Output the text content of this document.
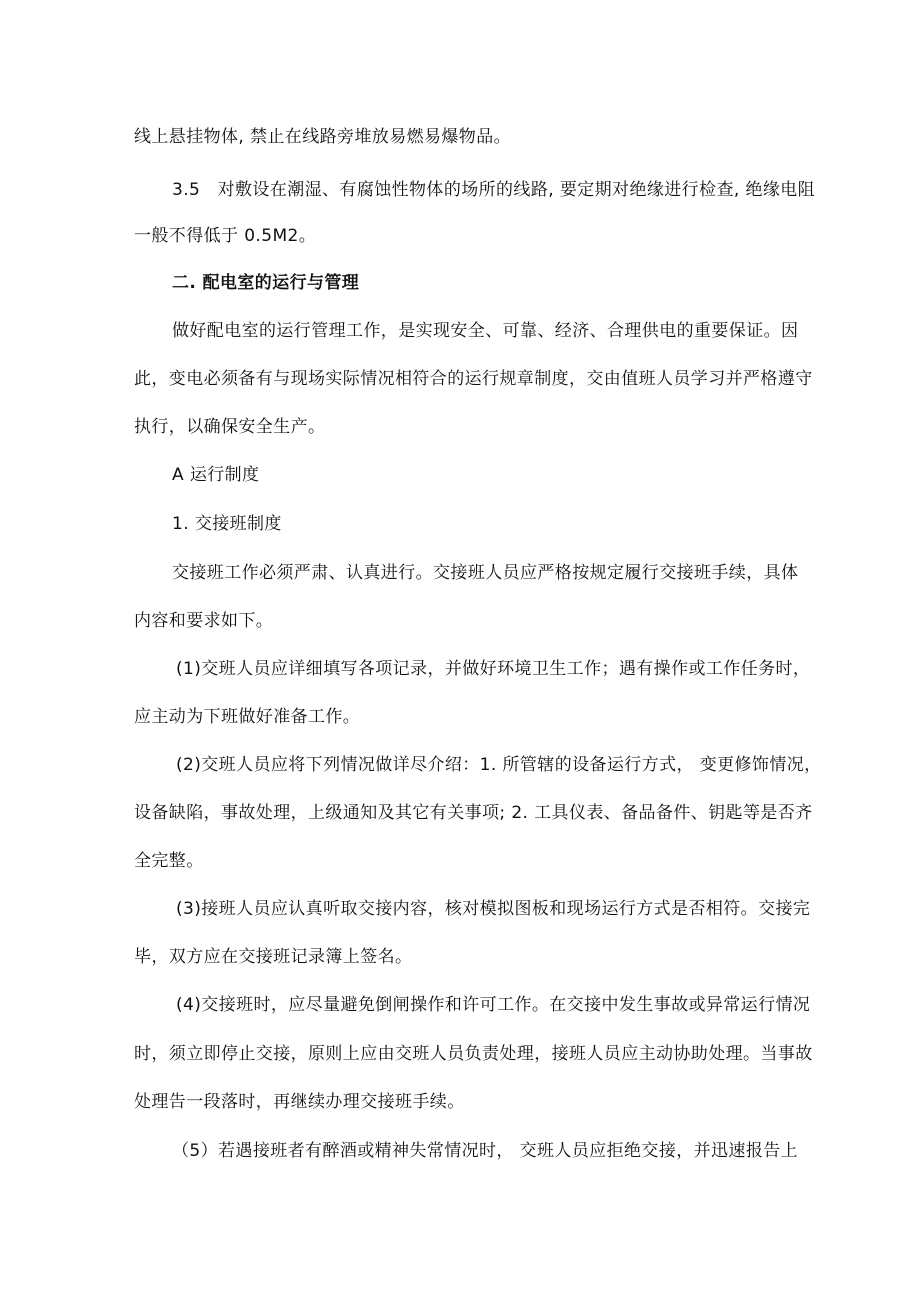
线上悬挂物体, 禁止在线路旁堆放易燃易爆物品。
3.5　对敷设在潮湿、有腐蚀性物体的场所的线路, 要定期对绝缘进行检查, 绝缘电阻
一般不得低于 0.5M2。
二. 配电室的运行与管理
做好配电室的运行管理工作，是实现安全、可靠、经济、合理供电的重要保证。因
此，变电必须备有与现场实际情况相符合的运行规章制度，交由值班人员学习并严格遵守
执行，以确保安全生产。
A 运行制度
1. 交接班制度
交接班工作必须严肃、认真进行。交接班人员应严格按规定履行交接班手续，具体
内容和要求如下。
(1)交班人员应详细填写各项记录，并做好环境卫生工作；遇有操作或工作任务时，
应主动为下班做好准备工作。
(2)交班人员应将下列情况做详尽介绍：1. 所管辖的设备运行方式， 变更修饰情况，
设备缺陷，事故处理，上级通知及其它有关事项; 2. 工具仪表、备品备件、钥匙等是否齐
全完整。
(3)接班人员应认真听取交接内容，核对模拟图板和现场运行方式是否相符。交接完
毕，双方应在交接班记录簿上签名。
(4)交接班时，应尽量避免倒闸操作和许可工作。在交接中发生事故或异常运行情况
时，须立即停止交接，原则上应由交班人员负责处理，接班人员应主动协助处理。当事故
处理告一段落时，再继续办理交接班手续。
（5）若遇接班者有醉酒或精神失常情况时， 交班人员应拒绝交接，并迅速报告上
